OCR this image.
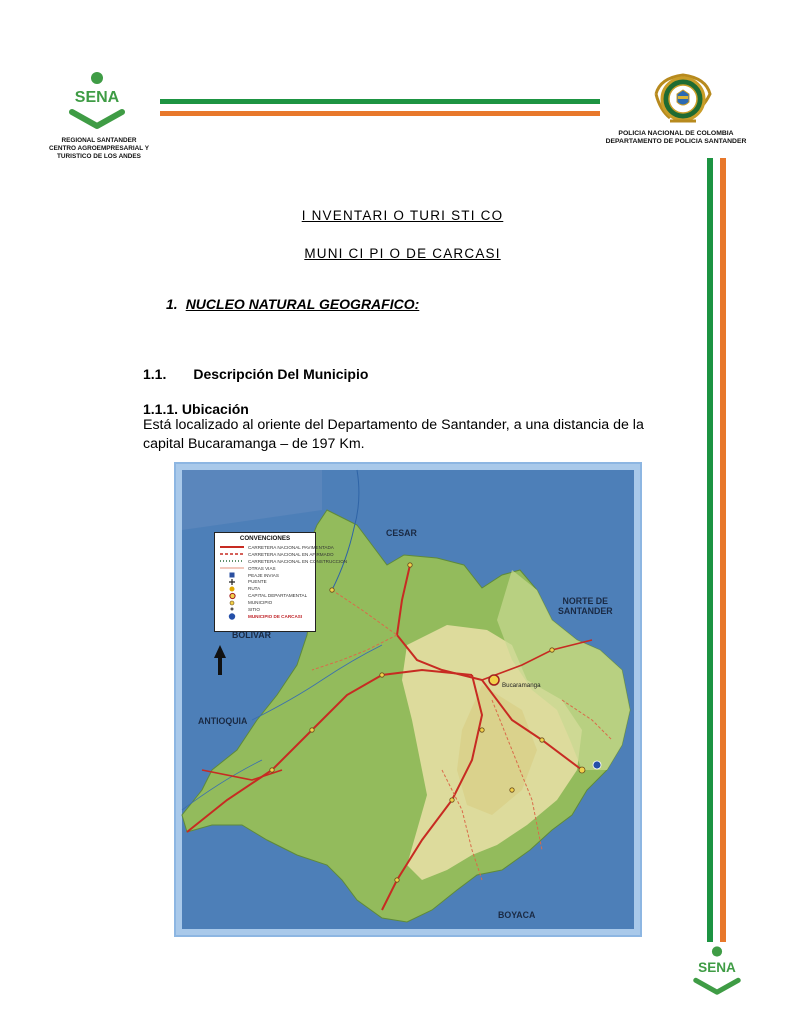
SENA
REGIONAL SANTANDER
CENTRO AGROEMPRESARIAL Y
TURISTICO DE LOS ANDES
POLICIA NACIONAL DE COLOMBIA
DEPARTAMENTO DE POLICIA SANTANDER
I NVENTARI O TURI STI CO
MUNI CI PI O DE CARCASI
1. NUCLEO NATURAL GEOGRAFICO:
1.1. Descripción Del Municipio
1.1.1. Ubicación
Está localizado al oriente del Departamento de Santander, a una distancia de la capital Bucaramanga – de 197 Km.
CONVENCIONES
CARRETERA NACIONAL PAVIMENTADA
CARRETERA NACIONAL EN AFIRMADO
CARRETERA NACIONAL EN CONSTRUCCION
OTRAS VIAS
PEAJE INVIAS
PUENTE
RUTA
CAPITAL DEPARTAMENTAL
MUNICIPIO
SITIO
MUNICIPIO DE CARCASI
CESAR
NORTE DE
SANTANDER
BOLIVAR
ANTIOQUIA
BOYACA
Bucaramanga
SENA
